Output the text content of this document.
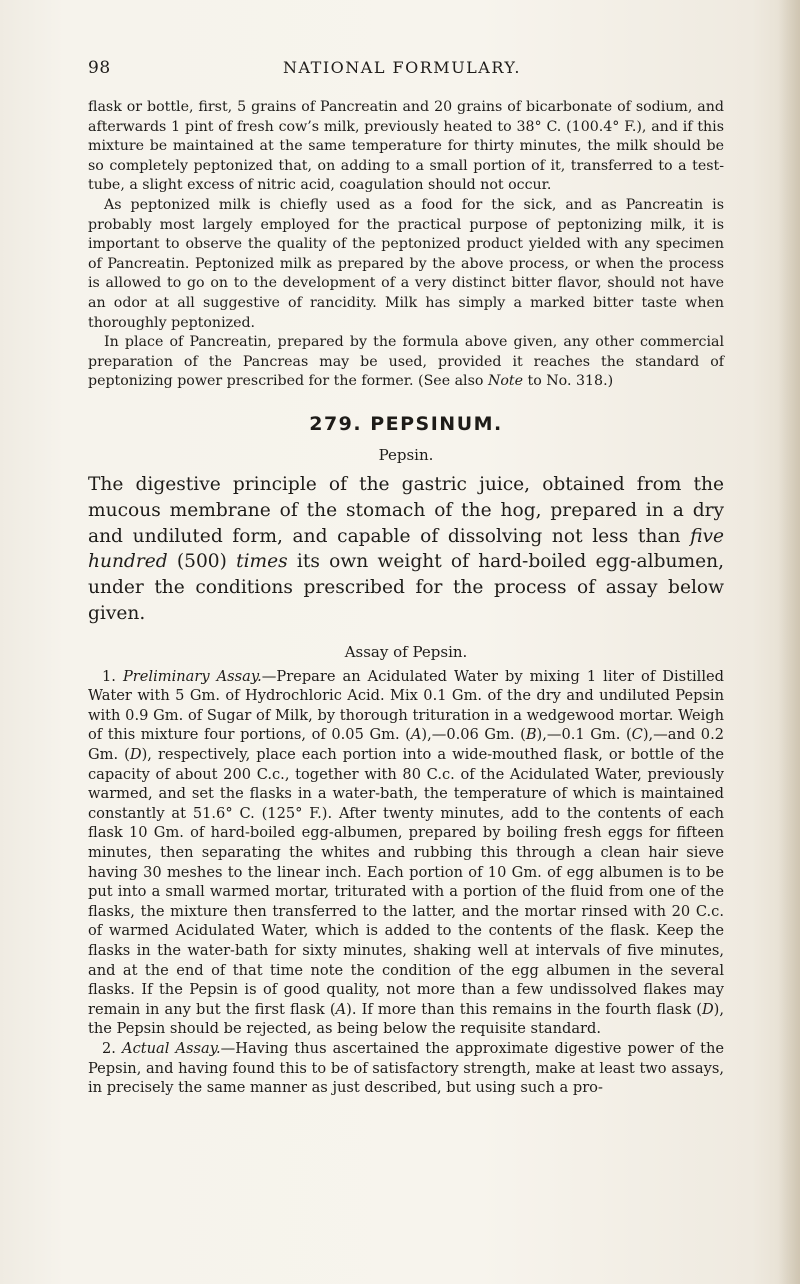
98	NATIONAL FORMULARY.

flask or bottle, first, 5 grains of Pancreatin and 20 grains of bicarbonate of sodium, and afterwards 1 pint of fresh cow’s milk, previously heated to 38° C. (100.4° F.), and if this mixture be maintained at the same temperature for thirty minutes, the milk should be so completely peptonized that, on adding to a small portion of it, transferred to a test-tube, a slight excess of nitric acid, coagulation should not occur.

As peptonized milk is chiefly used as a food for the sick, and as Pancreatin is probably most largely employed for the practical purpose of peptonizing milk, it is important to observe the quality of the peptonized product yielded with any specimen of Pancreatin. Peptonized milk as prepared by the above process, or when the process is allowed to go on to the development of a very distinct bitter flavor, should not have an odor at all suggestive of rancidity. Milk has simply a marked bitter taste when thoroughly peptonized.

In place of Pancreatin, prepared by the formula above given, any other commercial preparation of the Pancreas may be used, provided it reaches the standard of peptonizing power prescribed for the former. (See also Note to No. 318.)

279. PEPSINUM.
Pepsin.

The digestive principle of the gastric juice, obtained from the mucous membrane of the stomach of the hog, prepared in a dry and undiluted form, and capable of dissolving not less than five hundred (500) times its own weight of hard-boiled egg-albumen, under the conditions prescribed for the process of assay below given.

Assay of Pepsin.

1. Preliminary Assay.—Prepare an Acidulated Water by mixing 1 liter of Distilled Water with 5 Gm. of Hydrochloric Acid. Mix 0.1 Gm. of the dry and undiluted Pepsin with 0.9 Gm. of Sugar of Milk, by thorough trituration in a wedgewood mortar. Weigh of this mixture four portions, of 0.05 Gm. (A),—0.06 Gm. (B),—0.1 Gm. (C),—and 0.2 Gm. (D), respectively, place each portion into a wide-mouthed flask, or bottle of the capacity of about 200 C.c., together with 80 C.c. of the Acidulated Water, previously warmed, and set the flasks in a water-bath, the temperature of which is maintained constantly at 51.6° C. (125° F.). After twenty minutes, add to the contents of each flask 10 Gm. of hard-boiled egg-albumen, prepared by boiling fresh eggs for fifteen minutes, then separating the whites and rubbing this through a clean hair sieve having 30 meshes to the linear inch. Each portion of 10 Gm. of egg albumen is to be put into a small warmed mortar, triturated with a portion of the fluid from one of the flasks, the mixture then transferred to the latter, and the mortar rinsed with 20 C.c. of warmed Acidulated Water, which is added to the contents of the flask. Keep the flasks in the water-bath for sixty minutes, shaking well at intervals of five minutes, and at the end of that time note the condition of the egg albumen in the several flasks. If the Pepsin is of good quality, not more than a few undissolved flakes may remain in any but the first flask (A). If more than this remains in the fourth flask (D), the Pepsin should be rejected, as being below the requisite standard.

2. Actual Assay.—Having thus ascertained the approximate digestive power of the Pepsin, and having found this to be of satisfactory strength, make at least two assays, in precisely the same manner as just described, but using such a pro-
